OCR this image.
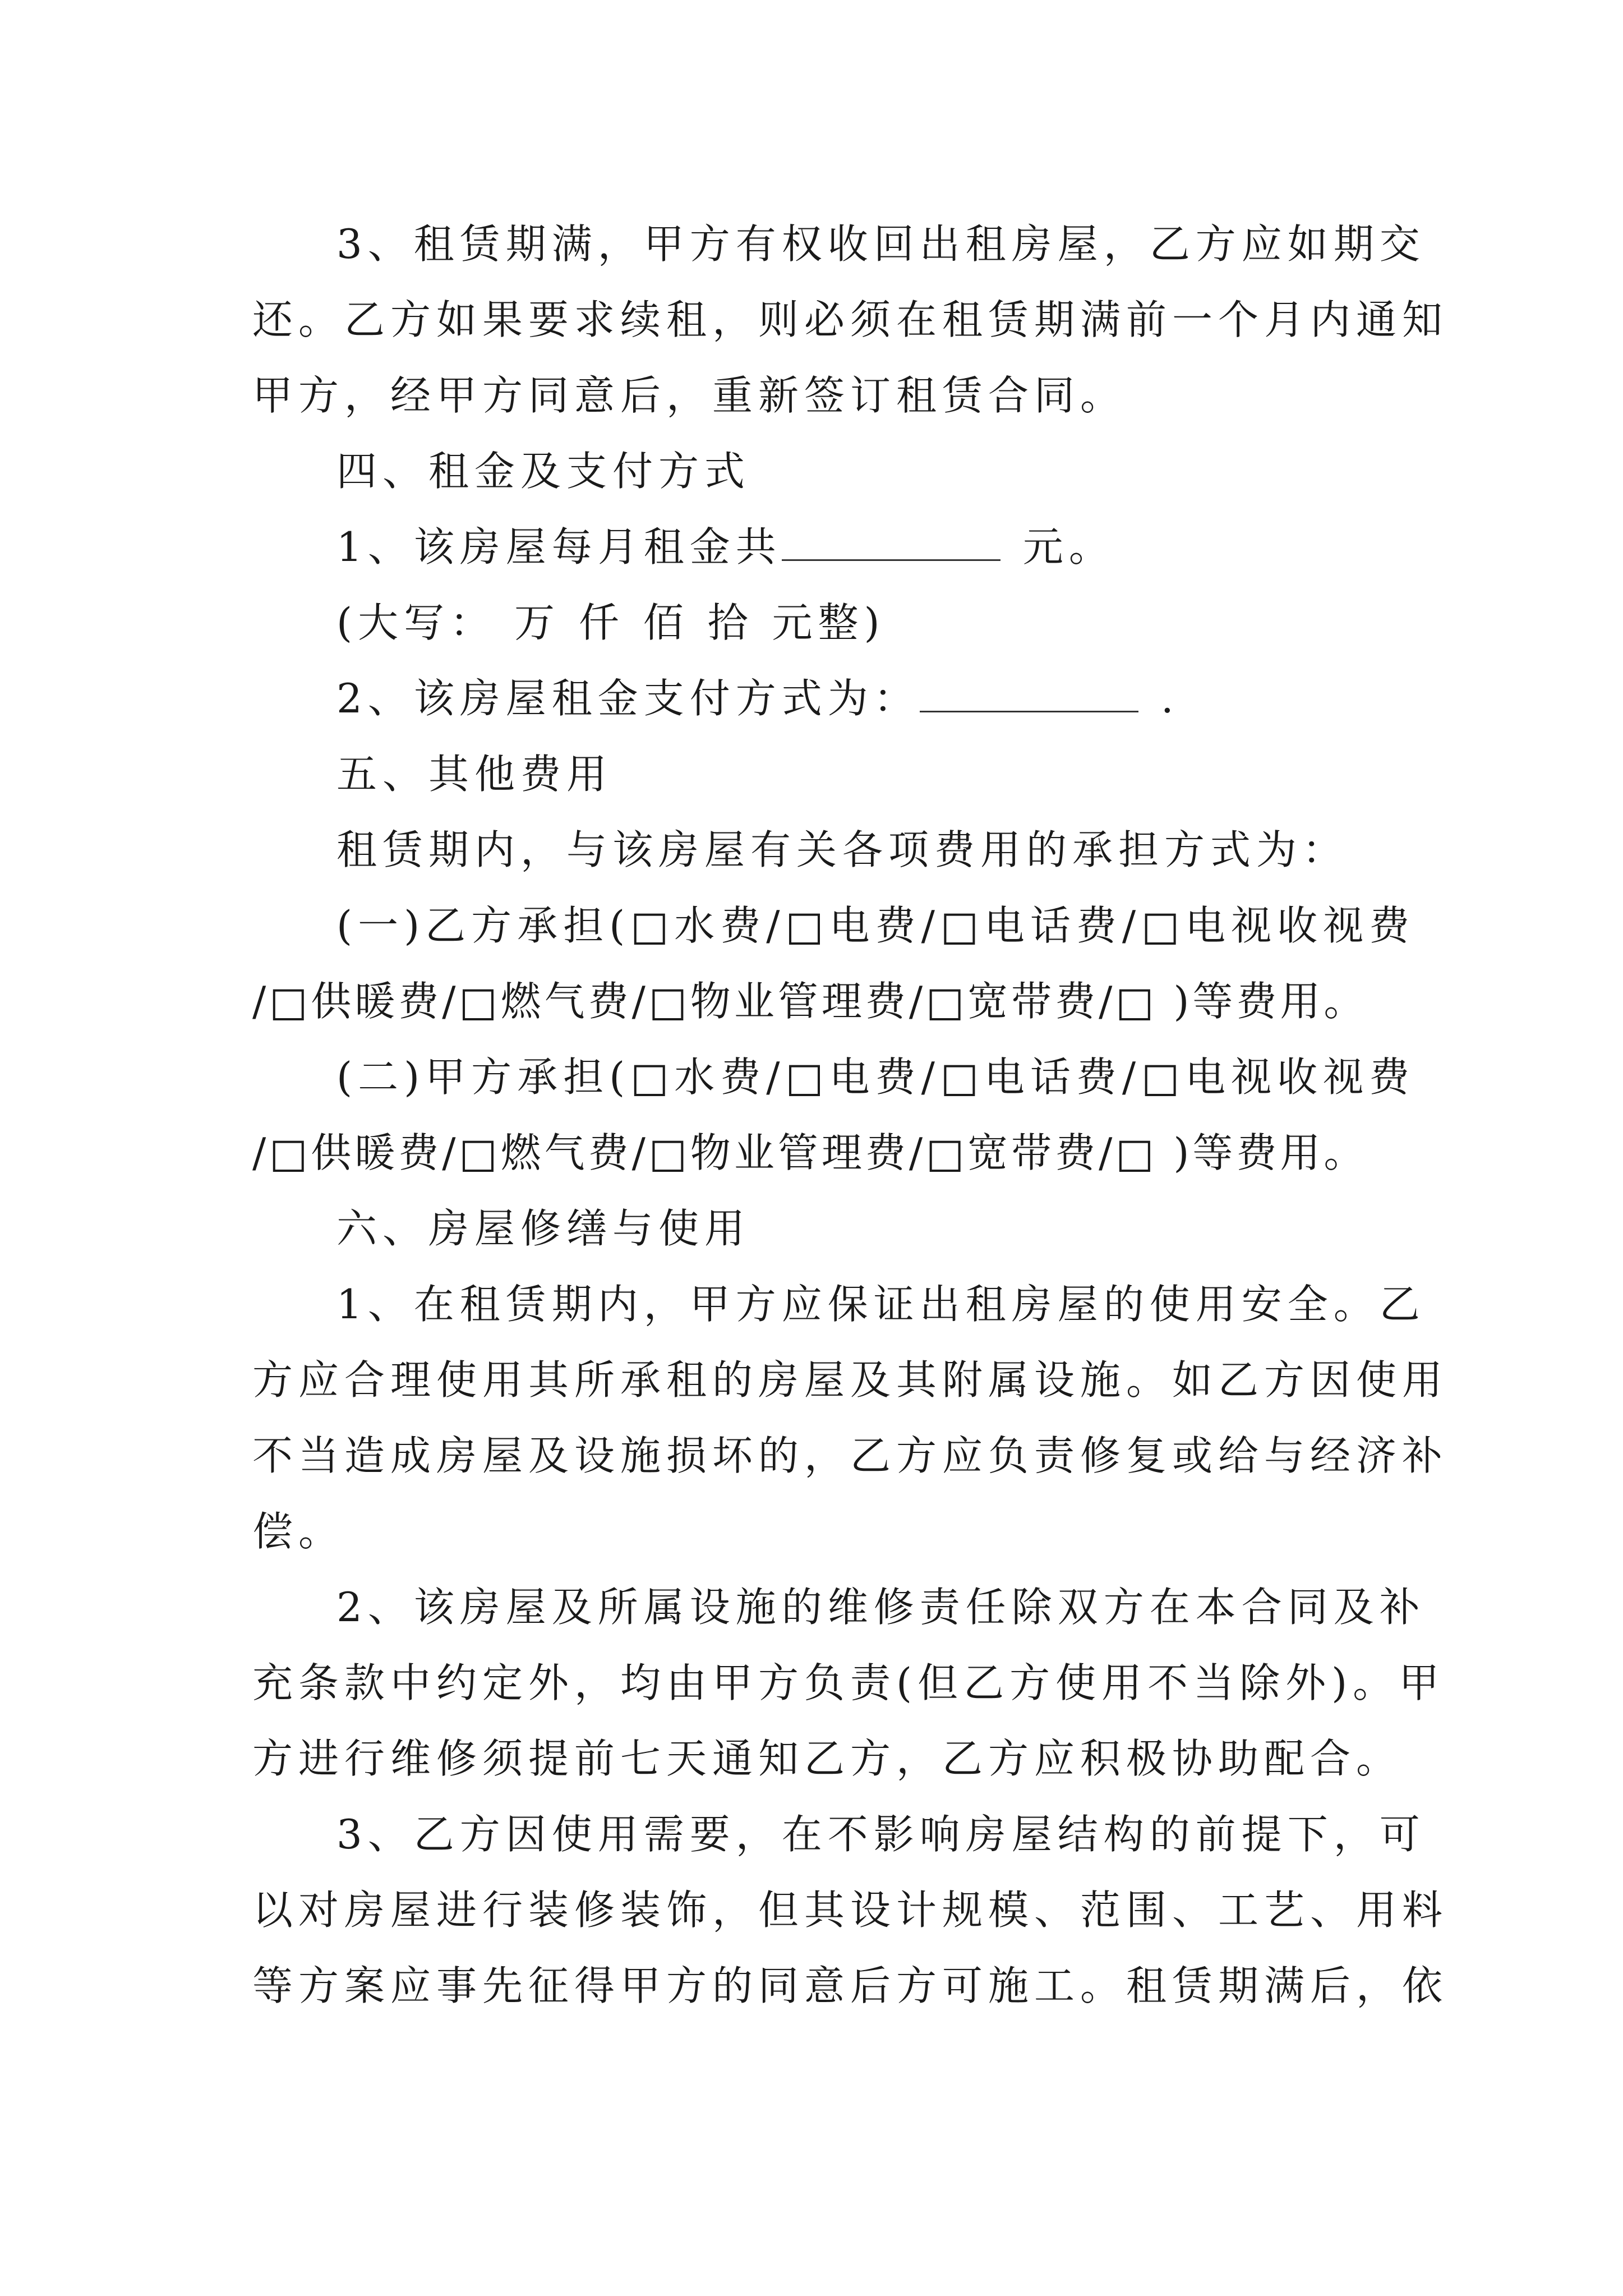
3、租赁期满，甲方有权收回出租房屋，乙方应如期交

还。乙方如果要求续租，则必须在租赁期满前一个月内通知

甲方，经甲方同意后，重新签订租赁合同。

四、租金及支付方式

1、该房屋每月租金共	元。

(大写： 万 仟 佰 拾 元整)

2、该房屋租金支付方式为：	.

五、其他费用

租赁期内，与该房屋有关各项费用的承担方式为：

(一)乙方承担(□水费/□电费/□电话费/□电视收视费

/□供暖费/□燃气费/□物业管理费/□宽带费/□ )等费用。

(二)甲方承担(□水费/□电费/□电话费/□电视收视费

/□供暖费/□燃气费/□物业管理费/□宽带费/□ )等费用。

六、房屋修缮与使用

1、在租赁期内，甲方应保证出租房屋的使用安全。乙

方应合理使用其所承租的房屋及其附属设施。如乙方因使用

不当造成房屋及设施损坏的，乙方应负责修复或给与经济补

偿。

2、该房屋及所属设施的维修责任除双方在本合同及补

充条款中约定外，均由甲方负责(但乙方使用不当除外)。甲

方进行维修须提前七天通知乙方，乙方应积极协助配合。

3、乙方因使用需要，在不影响房屋结构的前提下，可

以对房屋进行装修装饰，但其设计规模、范围、工艺、用料

等方案应事先征得甲方的同意后方可施工。租赁期满后，依
